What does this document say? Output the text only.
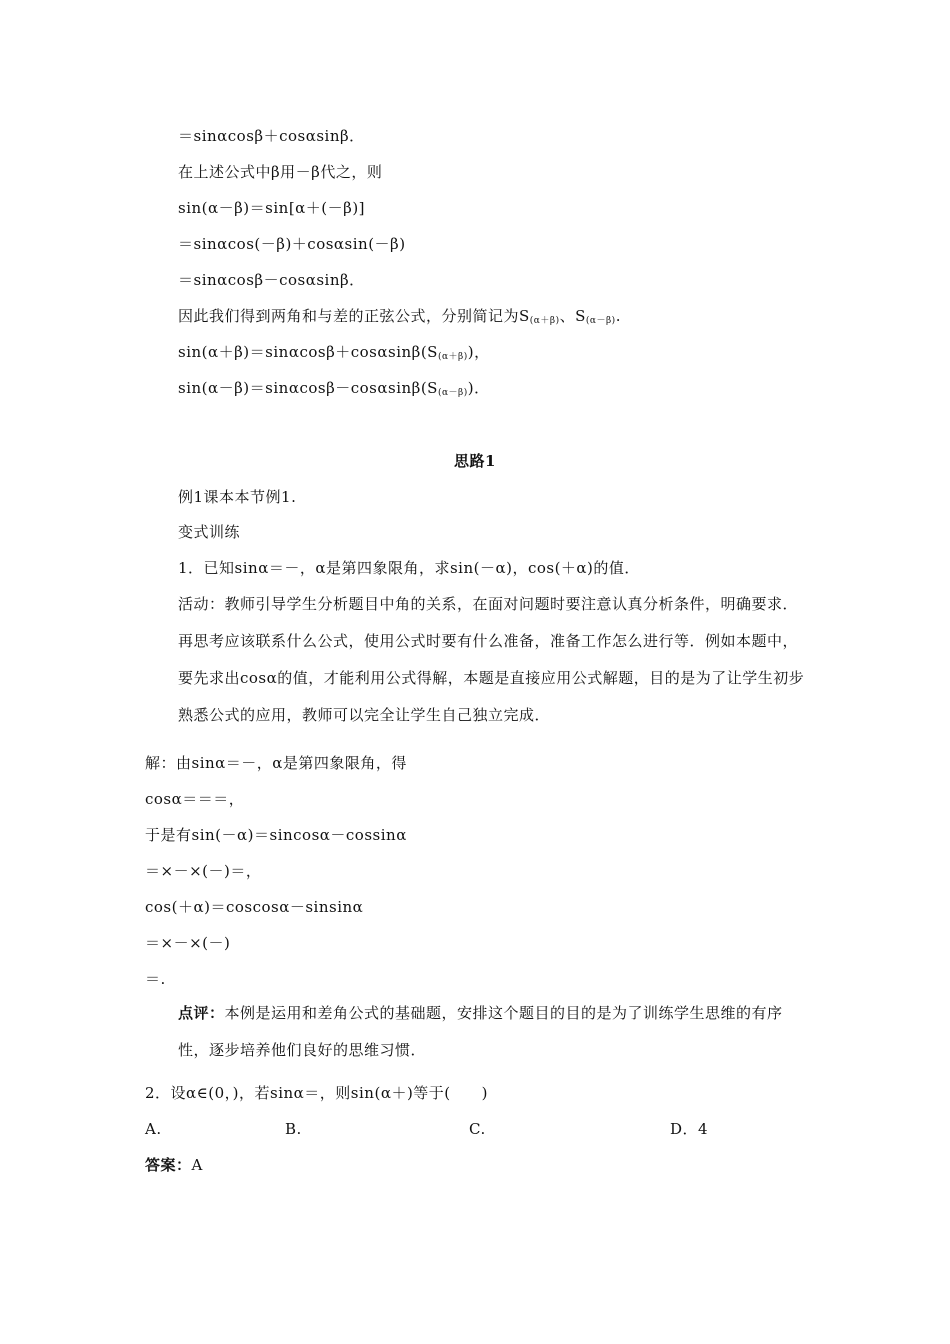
＝sinαcosβ＋cosαsinβ．
在上述公式中β用－β代之，则
sin(α－β)＝sin[α＋(－β)]
＝sinαcos(－β)＋cosαsin(－β)
＝sinαcosβ－cosαsinβ．
因此我们得到两角和与差的正弦公式，分别简记为S(α＋β)、S(α－β).
sin(α＋β)＝sinαcosβ＋cosαsinβ(S(α＋β))，
sin(α－β)＝sinαcosβ－cosαsinβ(S(α－β))．
思路1
例1课本本节例1.
变式训练
1．已知sinα＝－，α是第四象限角，求sin(－α)，cos(＋α)的值．
活动：教师引导学生分析题目中角的关系，在面对问题时要注意认真分析条件，明确要求．再思考应该联系什么公式，使用公式时要有什么准备，准备工作怎么进行等．例如本题中，要先求出cosα的值，才能利用公式得解，本题是直接应用公式解题，目的是为了让学生初步熟悉公式的应用，教师可以完全让学生自己独立完成．
解：由sinα＝－，α是第四象限角，得
cosα＝＝＝，
于是有sin(－α)＝sincosα－cossinα
＝×－×(－)＝，
cos(＋α)＝coscosα－sinsinα
＝×－×(－)
＝.
点评：本例是运用和差角公式的基础题，安排这个题目的目的是为了训练学生思维的有序性，逐步培养他们良好的思维习惯．
2．设α∈(0，)，若sinα＝，则sin(α＋)等于(　　)
A.	B.	C.	D．4
答案：A
